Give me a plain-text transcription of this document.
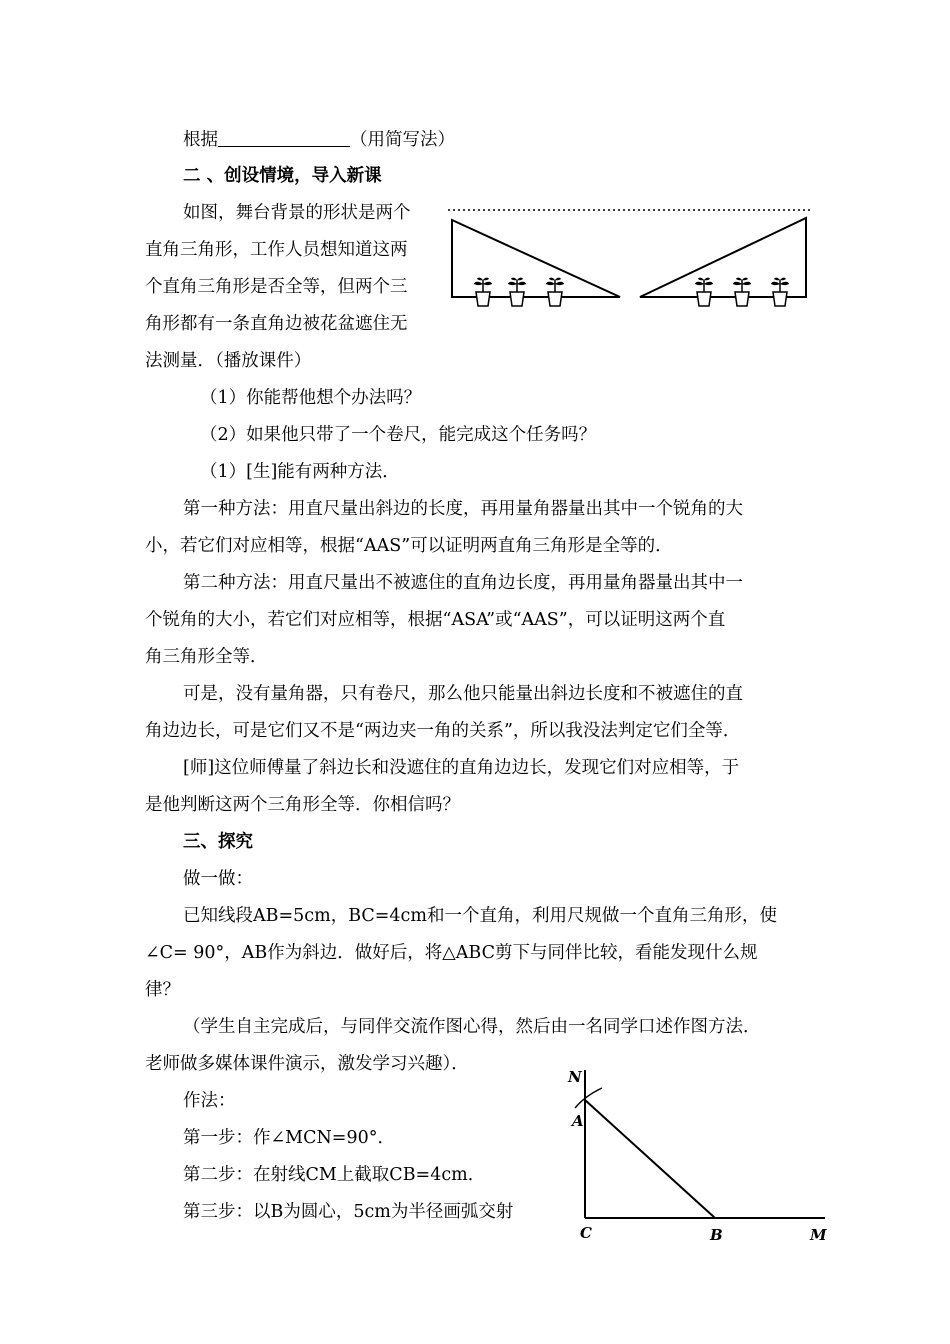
根据	（用简写法）
二 、创设情境，导入新课
如图，舞台背景的形状是两个
直角三角形，工作人员想知道这两
个直角三角形是否全等，但两个三
角形都有一条直角边被花盆遮住无
法测量．（播放课件）
（1）你能帮他想个办法吗？
（2）如果他只带了一个卷尺，能完成这个任务吗？
（1）[生]能有两种方法．
第一种方法：用直尺量出斜边的长度，再用量角器量出其中一个锐角的大
小，若它们对应相等，根据“AAS”可以证明两直角三角形是全等的．
第二种方法：用直尺量出不被遮住的直角边长度，再用量角器量出其中一
个锐角的大小，若它们对应相等，根据“ASA”或“AAS”，可以证明这两个直
角三角形全等．
可是，没有量角器，只有卷尺，那么他只能量出斜边长度和不被遮住的直
角边边长，可是它们又不是“两边夹一角的关系”，所以我没法判定它们全等．
[师]这位师傅量了斜边长和没遮住的直角边边长，发现它们对应相等，于
是他判断这两个三角形全等．你相信吗？
三、探究
做一做：
已知线段AB=5cm，BC=4cm和一个直角，利用尺规做一个直角三角形，使
∠C= 90°，AB作为斜边．做好后，将△ABC剪下与同伴比较，看能发现什么规
律？
（学生自主完成后，与同伴交流作图心得，然后由一名同学口述作图方法．
老师做多媒体课件演示，激发学习兴趣）．
作法：
第一步：作∠MCN=90°．
第二步：在射线CM上截取CB=4cm．
第三步：以B为圆心，5cm为半径画弧交射
N
A
C	B	M
